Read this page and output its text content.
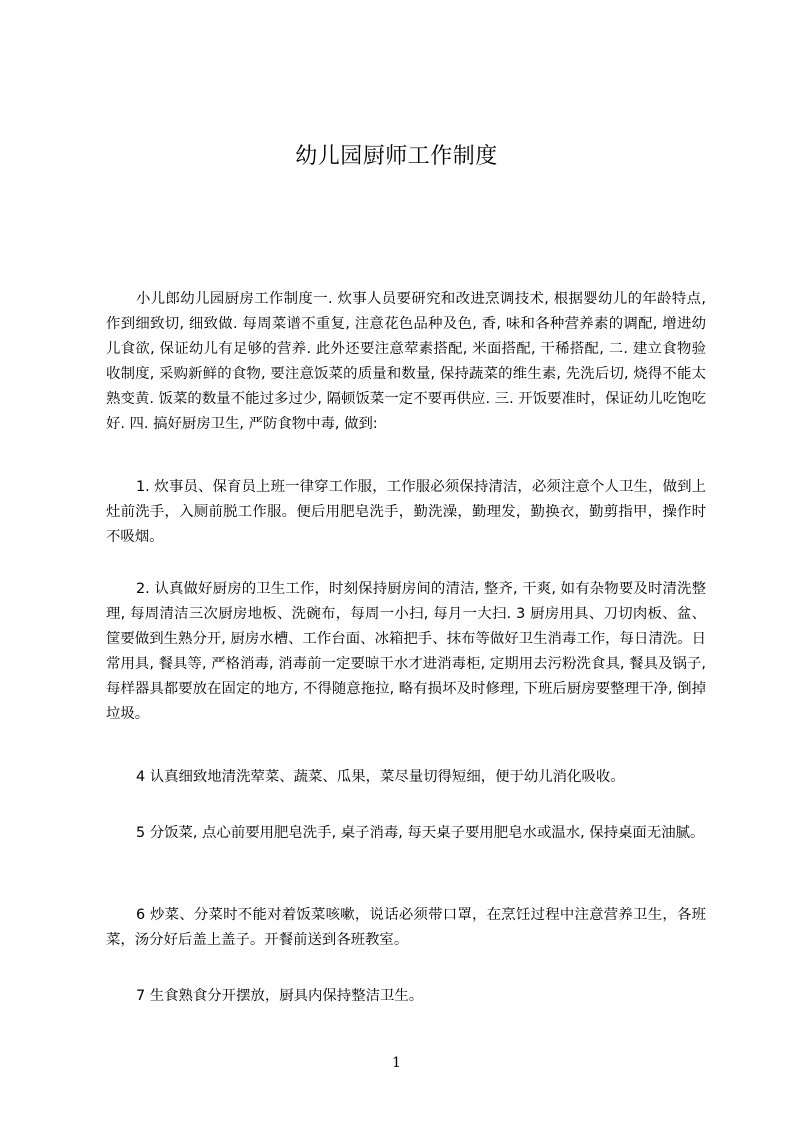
幼儿园厨师工作制度

小儿郎幼儿园厨房工作制度一. 炊事人员要研究和改进烹调技术, 根据婴幼儿的年龄特点, 作到细致切, 细致做. 每周菜谱不重复, 注意花色品种及色, 香, 味和各种营养素的调配, 增进幼儿食欲, 保证幼儿有足够的营养. 此外还要注意荤素搭配, 米面搭配, 干稀搭配, 二. 建立食物验收制度, 采购新鲜的食物, 要注意饭菜的质量和数量, 保持蔬菜的维生素, 先洗后切, 烧得不能太熟变黄. 饭菜的数量不能过多过少, 隔顿饭菜一定不要再供应. 三. 开饭要准时，保证幼儿吃饱吃好. 四. 搞好厨房卫生, 严防食物中毒, 做到:

1. 炊事员、保育员上班一律穿工作服，工作服必须保持清洁，必须注意个人卫生，做到上灶前洗手，入厕前脱工作服。便后用肥皂洗手，勤洗澡，勤理发，勤换衣，勤剪指甲，操作时不吸烟。

2. 认真做好厨房的卫生工作，时刻保持厨房间的清洁, 整齐, 干爽, 如有杂物要及时清洗整理, 每周清洁三次厨房地板、洗碗布，每周一小扫, 每月一大扫. 3 厨房用具、刀切肉板、盆、筐要做到生熟分开, 厨房水槽、工作台面、冰箱把手、抹布等做好卫生消毒工作，每日清洗。日常用具, 餐具等, 严格消毒, 消毒前一定要晾干水才进消毒柜, 定期用去污粉洗食具, 餐具及锅子, 每样器具都要放在固定的地方, 不得随意拖拉, 略有损坏及时修理, 下班后厨房要整理干净, 倒掉垃圾。

4 认真细致地清洗荤菜、蔬菜、瓜果，菜尽量切得短细，便于幼儿消化吸收。

5 分饭菜, 点心前要用肥皂洗手, 桌子消毒, 每天桌子要用肥皂水或温水, 保持桌面无油腻。

6 炒菜、分菜时不能对着饭菜咳嗽，说话必须带口罩，在烹饪过程中注意营养卫生，各班菜，汤分好后盖上盖子。开餐前送到各班教室。

7 生食熟食分开摆放，厨具内保持整洁卫生。

1
